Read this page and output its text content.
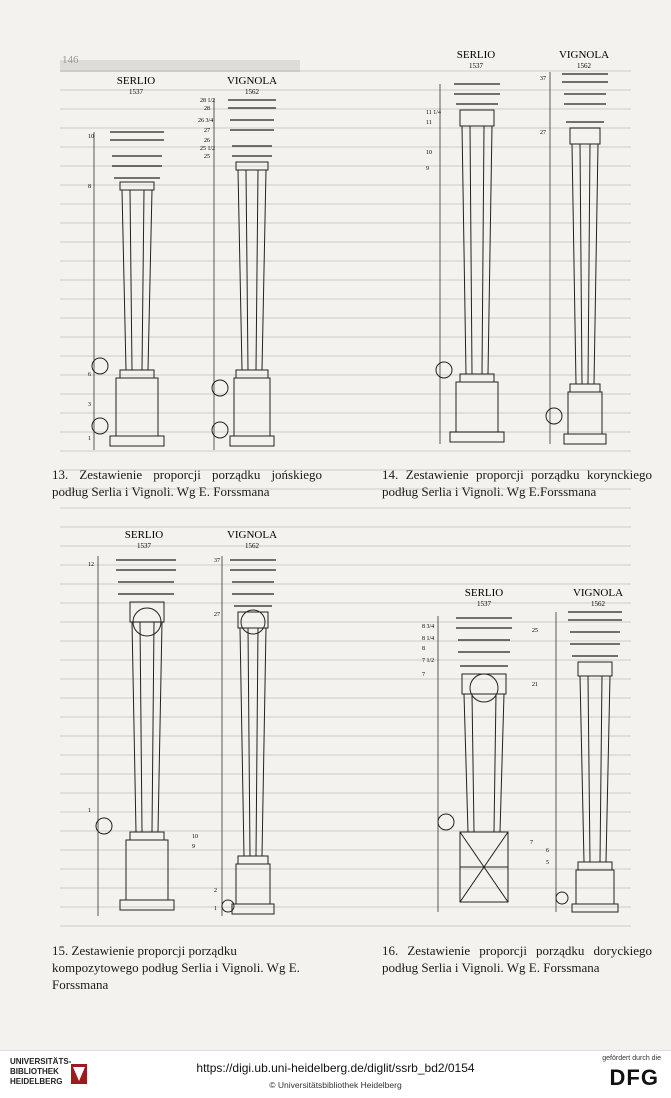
146
SERLIO
1537
VIGNOLA
1562
10
8
6
3
1
28 1/2
28
26 3/4
27
26
25 1/2
25
13. Zestawienie proporcji porządku jońskiego podług Serlia i Vignoli. Wg E. Forssmana
SERLIO
1537
VIGNOLA
1562
11 1/4
11
10
9
37
27
14. Zestawienie proporcji porządku korynckiego podług Serlia i Vignoli. Wg E.Forssmana
SERLIO
1537
VIGNOLA
1562
12
10
9
1
37
27
2
1
15. Zestawienie proporcji porządku kompozytowego podług Serlia i Vignoli. Wg E. Forssmana
SERLIO
1537
VIGNOLA
1562
8 3/4
8 1/4
8
7 1/2
7
25
21
7
6
5
16. Zestawienie proporcji porządku doryckiego podług Serlia i Vignoli. Wg E. Forssmana
UNIVERSITÄTS-
BIBLIOTHEK
HEIDELBERG
https://digi.ub.uni-heidelberg.de/diglit/ssrb_bd2/0154
© Universitätsbibliothek Heidelberg
gefördert durch die
DFG
